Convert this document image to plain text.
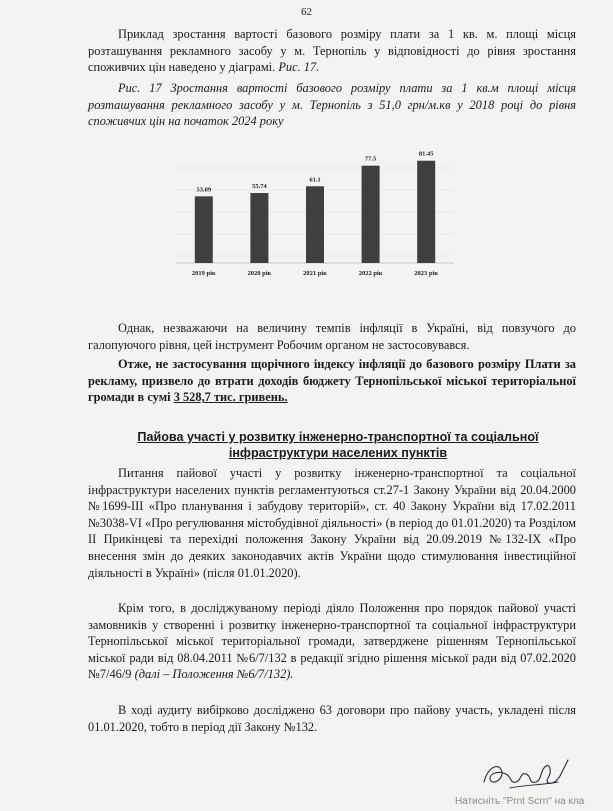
62

Приклад зростання вартості базового розміру плати за 1 кв. м. площі місця розташування рекламного засобу у м. Тернопіль у відповідності до рівня зростання споживчих цін наведено у діаграмі. Рис. 17.

Рис. 17 Зростання вартості базового розміру плати за 1 кв.м площі місця розташування рекламного засобу у м. Тернопіль з 51,0 грн/м.кв у 2018 році до рівня споживчих цін на початок 2024 року

53.09	55.74
61.1
77.5
81.45
2019 рік	2020 рік	2021 рік	2022 рік	2023 рік

Однак, незважаючи на величину темпів інфляції в Україні, від повзучого до галопуючого рівня, цей інструмент Робочим органом не застосовувався.

Отже, не застосування щорічного індексу інфляції до базового розміру Плати за рекламу, призвело до втрати доходів бюджету Тернопільської міської територіальної громади в сумі 3 528,7 тис. гривень.

Пайова участі у розвитку інженерно-транспортної та соціальної інфраструктури населених пунктів

Питання пайової участі у розвитку інженерно-транспортної та соціальної інфраструктури населених пунктів регламентуються ст.27-1 Закону України від 20.04.2000 №1699-III «Про планування і забудову територій», ст. 40 Закону України від 17.02.2011 №3038-VI «Про регулювання містобудівної діяльності» (в період до 01.01.2020) та Розділом II Прикінцеві та перехідні положення Закону України від 20.09.2019 №132-IX «Про внесення змін до деяких законодавчих актів України щодо стимулювання інвестиційної діяльності в Україні» (після 01.01.2020).

Крім того, в досліджуваному періоді діяло Положення про порядок пайової участі замовників у створенні і розвитку інженерно-транспортної та соціальної інфраструктури Тернопільської міської територіальної громади, затверджене рішенням Тернопільської міської ради від 08.04.2011 №6/7/132 в редакції згідно рішення міської ради від 07.02.2020 №7/46/9 (далі – Положення №6/7/132).

В ході аудиту вибірково досліджено 63 договори про пайову участь, укладені після 01.01.2020, тобто в період дії Закону №132.

Натисніть "Prnt Scrn" на кла
